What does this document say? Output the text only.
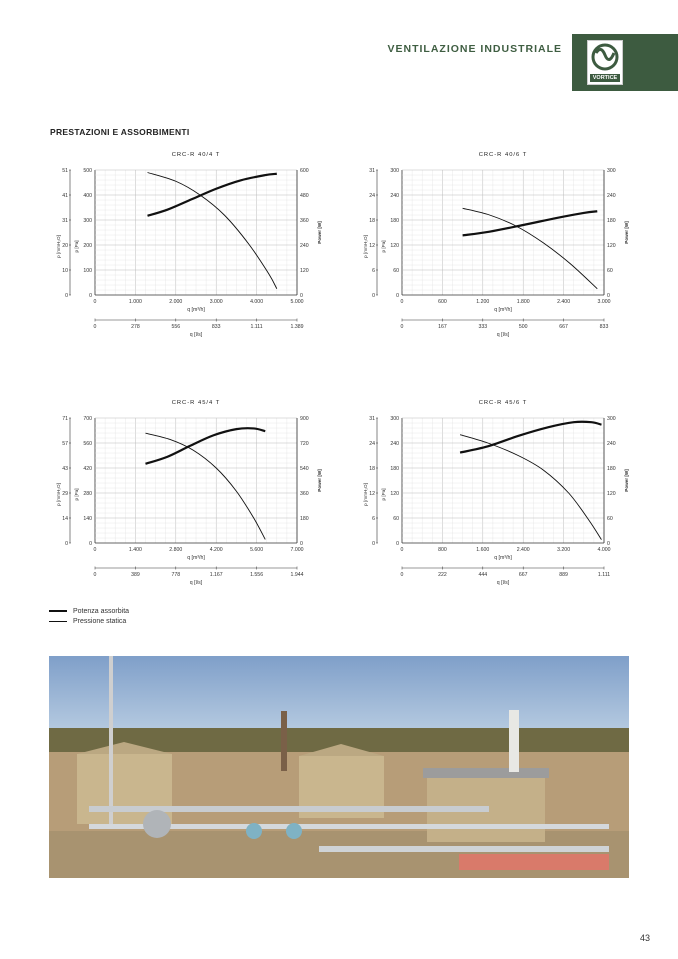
VENTILAZIONE INDUSTRIALE
VORTICE
PRESTAZIONI E ASSORBIMENTI
CRC-R 40/4 T
0	1.000	2.000	3.000	4.000	5.000
0
0	0
100
10	120
200
20	240
300
31	360
400
41	480
500
51	600
p [mmH₂O]	p [Pa]
Power [W]
q [m³/h]
0	278	556	833	1.111	1.389
q [l/s]
CRC-R 40/6 T
0	600	1.200	1.800	2.400	3.000
0
0	0
60
6	60
120
12	120
180
18	180
240
24	240
300
31	300
p [mmH₂O]	p [Pa]
Power [W]
q [m³/h]
0	167	333	500	667	833
q [l/s]
CRC-R 45/4 T
0	1.400	2.800	4.200	5.600	7.000
0
0	0
140
14	180
280
29	360
420
43	540
560
57	720
700
71	900
p [mmH₂O]	p [Pa]
Power [W]
q [m³/h]
0	389	778	1.167	1.556	1.944
q [l/s]
CRC-R 45/6 T
0	800	1.600	2.400	3.200	4.000
0
0	0
60
6	60
120
12	120
180
18	180
240
24	240
300
31	300
p [mmH₂O]	p [Pa]
Power [W]
q [m³/h]
0	222	444	667	889	1.111
q [l/s]
Potenza assorbita
Pressione statica
43
